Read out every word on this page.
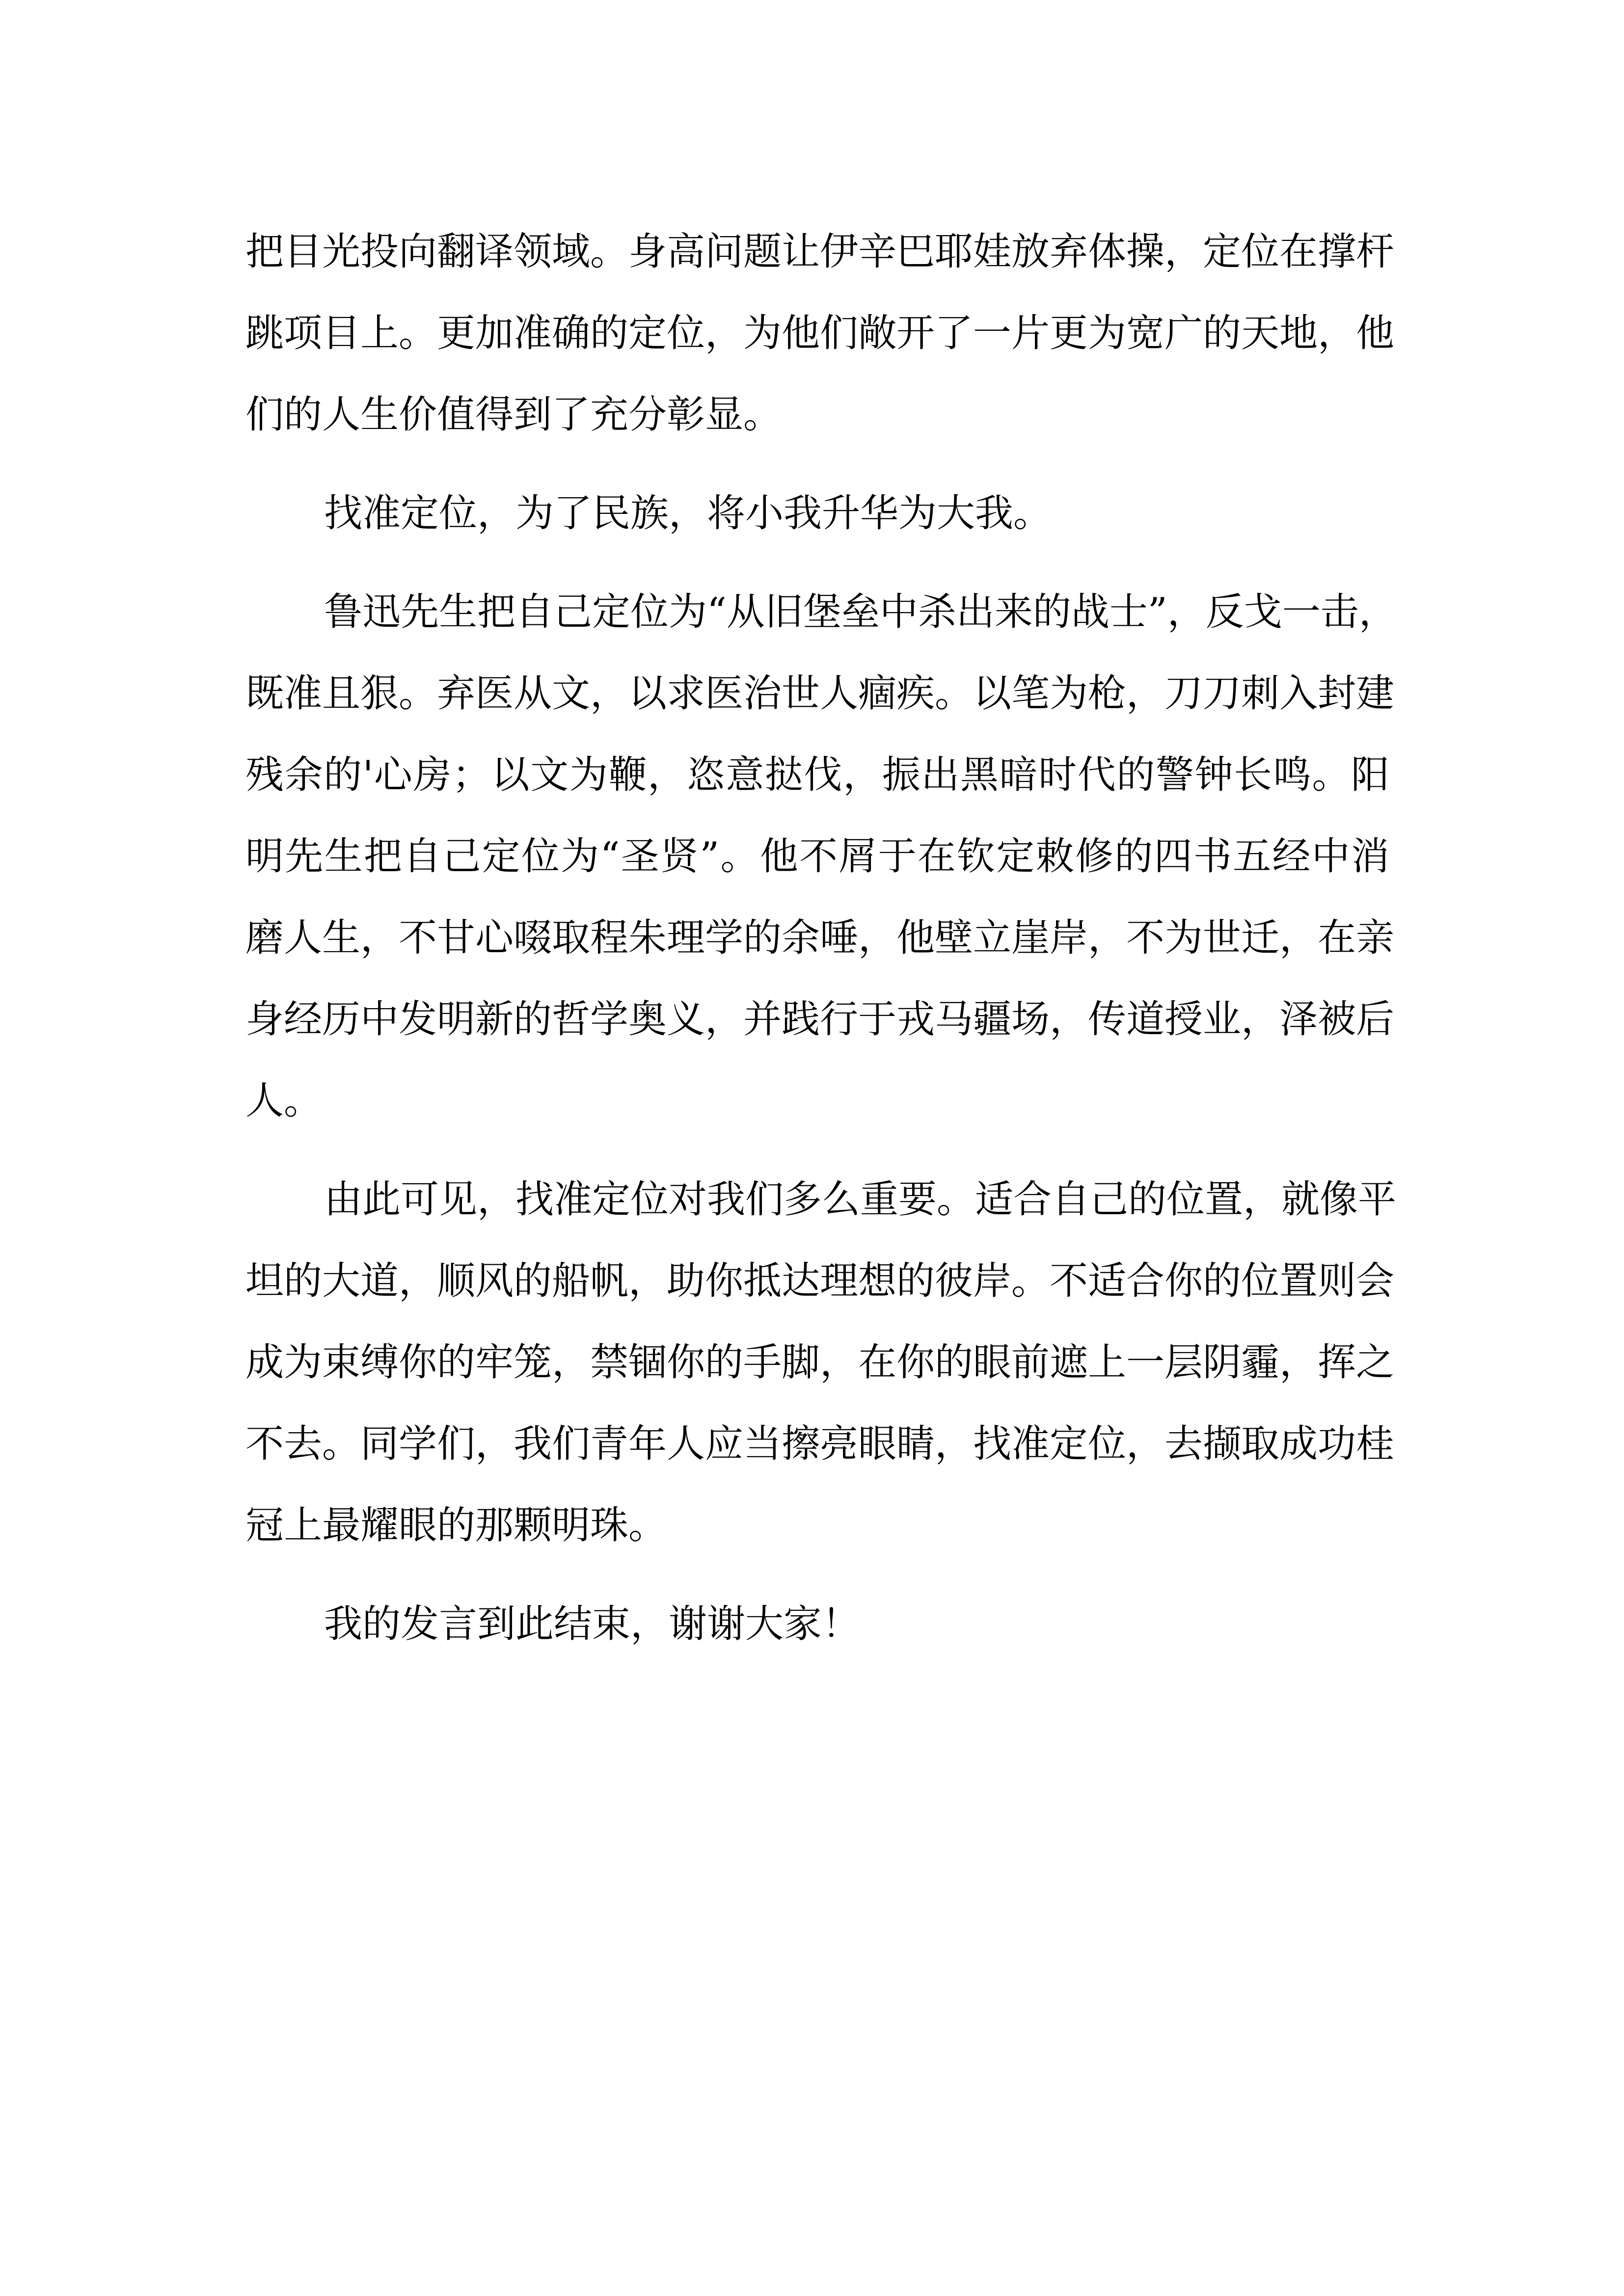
把目光投向翻译领域。身高问题让伊辛巴耶娃放弃体操，定位在撑杆
跳项目上。更加准确的定位，为他们敞开了一片更为宽广的天地，他
们的人生价值得到了充分彰显。
找准定位，为了民族，将小我升华为大我。
鲁迅先生把自己定位为“从旧堡垒中杀出来的战士”，反戈一击，
既准且狠。弃医从文，以求医治世人痼疾。以笔为枪，刀刀刺入封建
残余的'心房；以文为鞭，恣意挞伐，振出黑暗时代的警钟长鸣。阳
明先生把自己定位为“圣贤”。他不屑于在钦定敕修的四书五经中消
磨人生，不甘心啜取程朱理学的余唾，他壁立崖岸，不为世迁，在亲
身经历中发明新的哲学奥义，并践行于戎马疆场，传道授业，泽被后
人。
由此可见，找准定位对我们多么重要。适合自己的位置，就像平
坦的大道，顺风的船帆，助你抵达理想的彼岸。不适合你的位置则会
成为束缚你的牢笼，禁锢你的手脚，在你的眼前遮上一层阴霾，挥之
不去。同学们，我们青年人应当擦亮眼睛，找准定位，去撷取成功桂
冠上最耀眼的那颗明珠。
我的发言到此结束，谢谢大家！
